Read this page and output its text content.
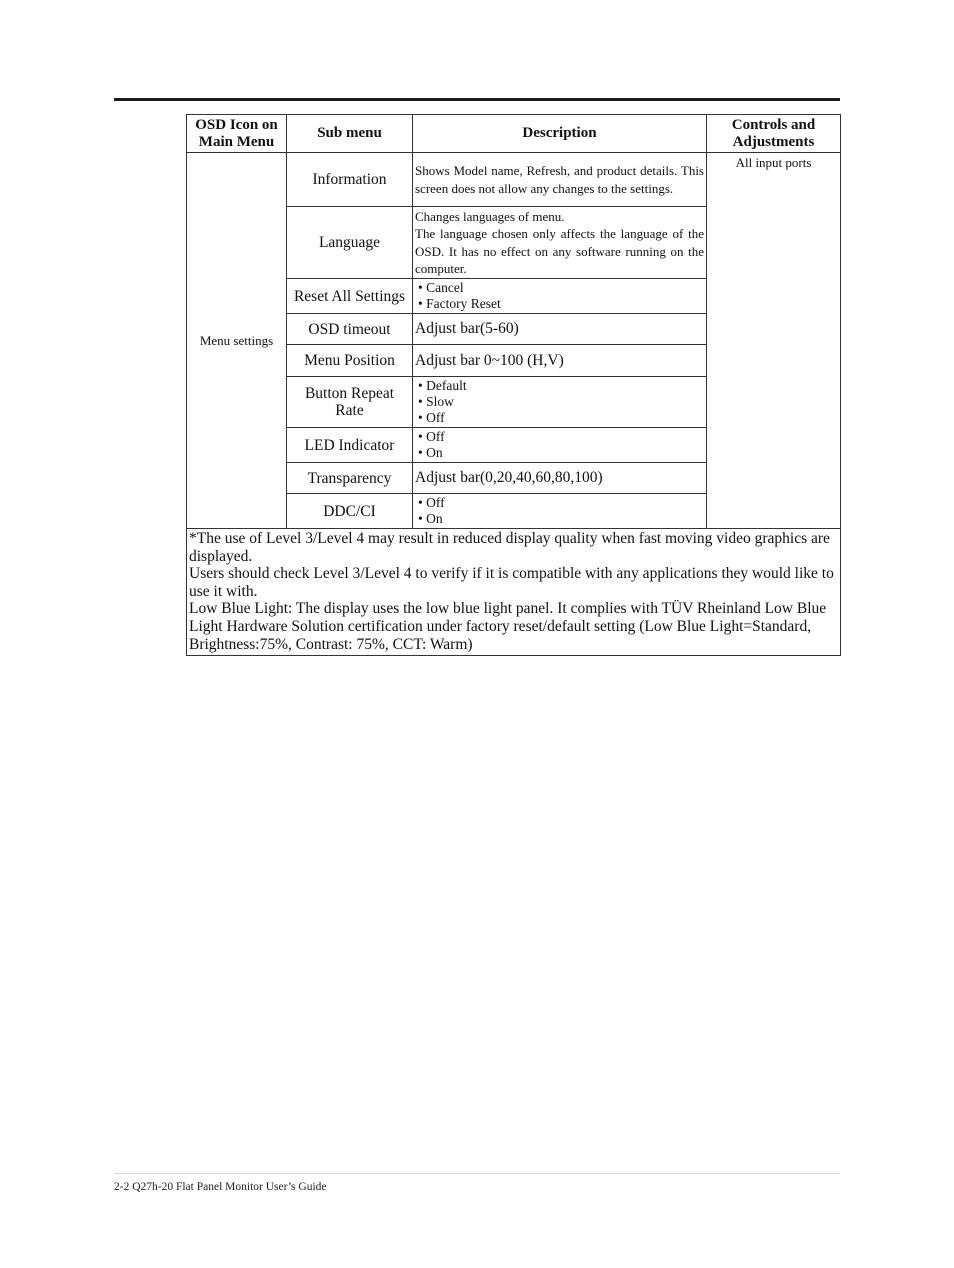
OSD Icon on Main Menu	Sub menu	Description	Controls and Adjustments
Menu settings	Information	Shows Model name, Refresh, and product details. This screen does not allow any changes to the settings.	All input ports
	Language	Changes languages of menu.
The language chosen only affects the language of the OSD. It has no effect on any software running on the computer.	

	Reset All Settings	• Cancel
• Factory Reset	

	OSD timeout	Adjust bar(5-60)	
	Menu Position	Adjust bar 0~100 (H,V)	
	Button Repeat Rate	• Default
• Slow
• Off	

	LED Indicator	• Off
• On	

	Transparency	Adjust bar(0,20,40,60,80,100)	
	DDC/CI	• Off
• On	

*The use of Level 3/Level 4 may result in reduced display quality when fast moving video graphics are displayed.
Users should check Level 3/Level 4 to verify if it is compatible with any applications they would like to use it with.
Low Blue Light: The display uses the low blue light panel. It complies with TÜV Rheinland Low Blue Light Hardware Solution certification under factory reset/default setting (Low Blue Light=Standard, Brightness:75%, Contrast: 75%, CCT: Warm)			
2-2 Q27h-20 Flat Panel Monitor User’s Guide
